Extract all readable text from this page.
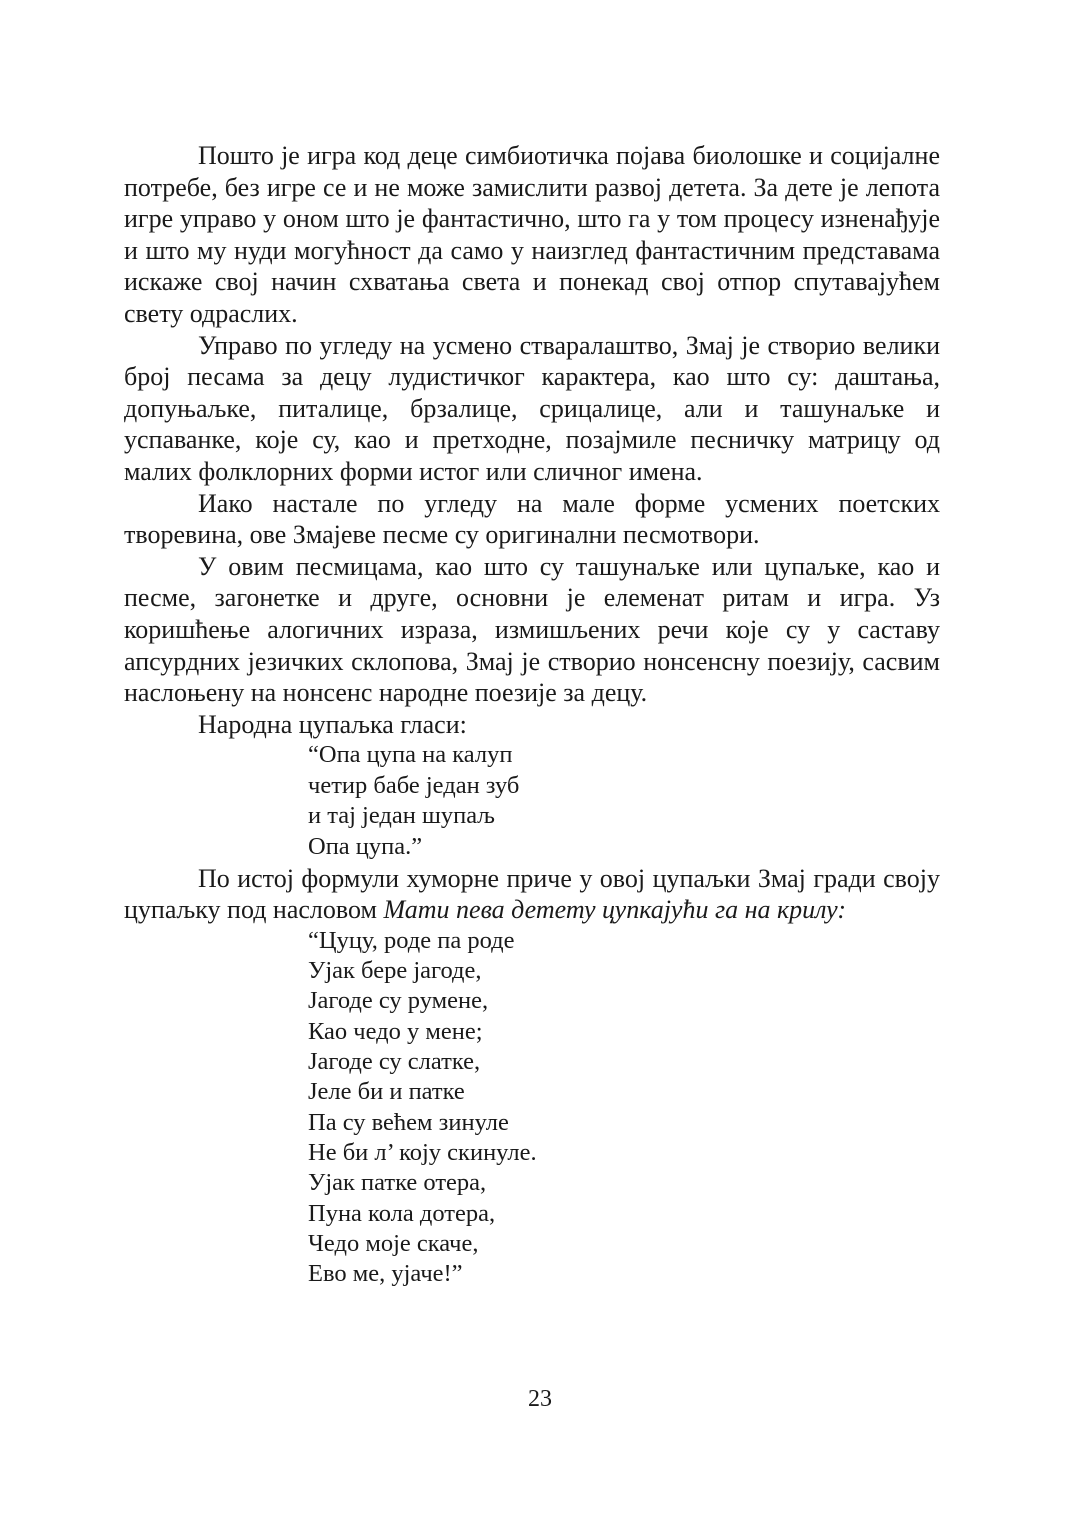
Пошто је игра код деце симбиотичка појава биолошке и социјалне потребе, без игре се и не може замислити развој детета. За дете је лепота игре управо у оном што је фантастично, што га у том процесу изненађује и што му нуди могућност да само у наизглед фантастичним представама искаже свој начин схватања света и понекад свој отпор спутавајућем свету одраслих.

Управо по угледу на усмено стваралаштво, Змај је створио велики број песама за децу лудистичког карактера, као што су: даштања, допуњаљке, питалице, брзалице, срицалице, али и ташунаљке и успаванке, које су, као и претходне, позајмиле песничку матрицу од малих фолклорних форми истог или сличног имена.

Иако настале по угледу на мале форме усмених поетских творевина, ове Змајеве песме су оригинални песмотвори.

У овим песмицама, као што су ташунаљке или цупаљке, као и песме, загонетке и друге, основни је елеменат ритам и игра. Уз коришћење алогичних израза, измишљених речи које су у саставу апсурдних језичких склопова, Змај је створио нонсенсну поезију, сасвим наслоњену на нонсенс народне поезије за децу.

Народна цупаљка гласи:

“Опа цупа на калуп
четир бабе један зуб
и тај један шупаљ
Опа цупа.”

По истој формули хуморне приче у овој цупаљки Змај гради своју цупаљку под насловом Мати пева детету цупкајући га на крилу:

“Цуцу, роде па роде
Ујак бере јагоде,
Јагоде су румене,
Као чедо у мене;
Јагоде су слатке,
Јеле би и патке
Па су већем зинуле
Не би л’ коју скинуле.
Ујак патке отера,
Пуна кола дотера,
Чедо моје скаче,
Ево ме, ујаче!”
23
